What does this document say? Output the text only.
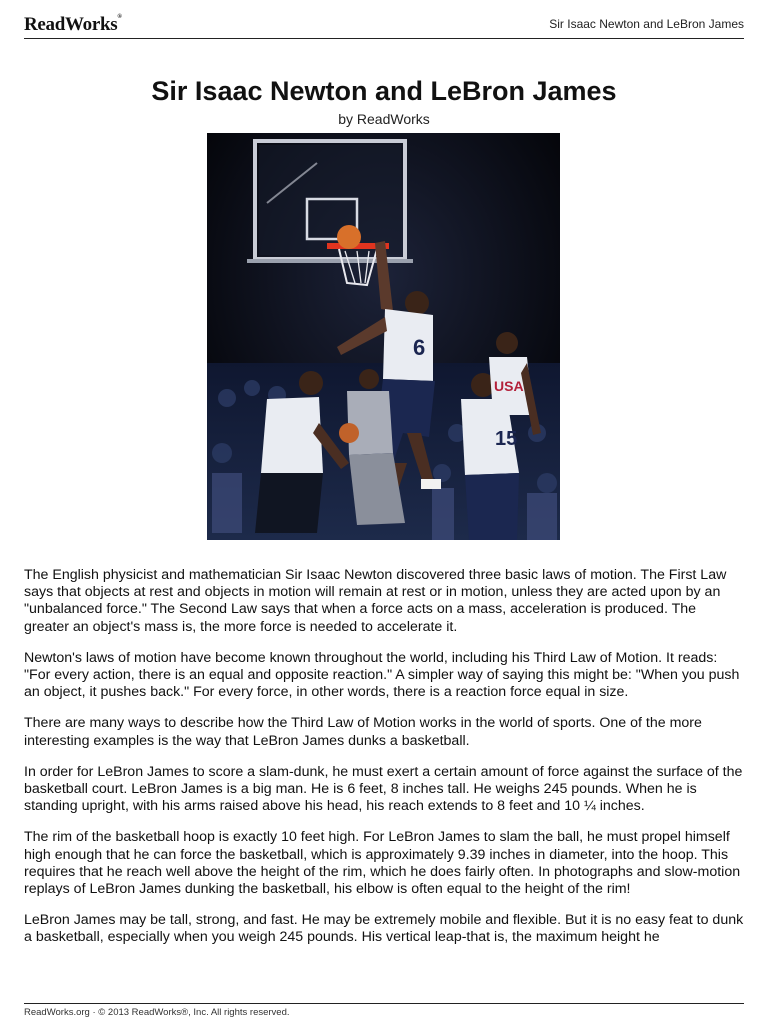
ReadWorks®	Sir Isaac Newton and LeBron James
Sir Isaac Newton and LeBron James
by ReadWorks
6
15
USA

The English physicist and mathematician Sir Isaac Newton discovered three basic laws of motion. The First Law says that objects at rest and objects in motion will remain at rest or in motion, unless they are acted upon by an "unbalanced force." The Second Law says that when a force acts on a mass, acceleration is produced. The greater an object's mass is, the more force is needed to accelerate it.

Newton's laws of motion have become known throughout the world, including his Third Law of Motion. It reads: "For every action, there is an equal and opposite reaction." A simpler way of saying this might be: "When you push an object, it pushes back." For every force, in other words, there is a reaction force equal in size.

There are many ways to describe how the Third Law of Motion works in the world of sports. One of the more interesting examples is the way that LeBron James dunks a basketball.

In order for LeBron James to score a slam-dunk, he must exert a certain amount of force against the surface of the basketball court. LeBron James is a big man. He is 6 feet, 8 inches tall. He weighs 245 pounds. When he is standing upright, with his arms raised above his head, his reach extends to 8 feet and 10 ¼ inches.

The rim of the basketball hoop is exactly 10 feet high. For LeBron James to slam the ball, he must propel himself high enough that he can force the basketball, which is approximately 9.39 inches in diameter, into the hoop. This requires that he reach well above the height of the rim, which he does fairly often. In photographs and slow-motion replays of LeBron James dunking the basketball, his elbow is often equal to the height of the rim!

LeBron James may be tall, strong, and fast. He may be extremely mobile and flexible. But it is no easy feat to dunk a basketball, especially when you weigh 245 pounds. His vertical leap-that is, the maximum height he

ReadWorks.org · © 2013 ReadWorks®, Inc. All rights reserved.
